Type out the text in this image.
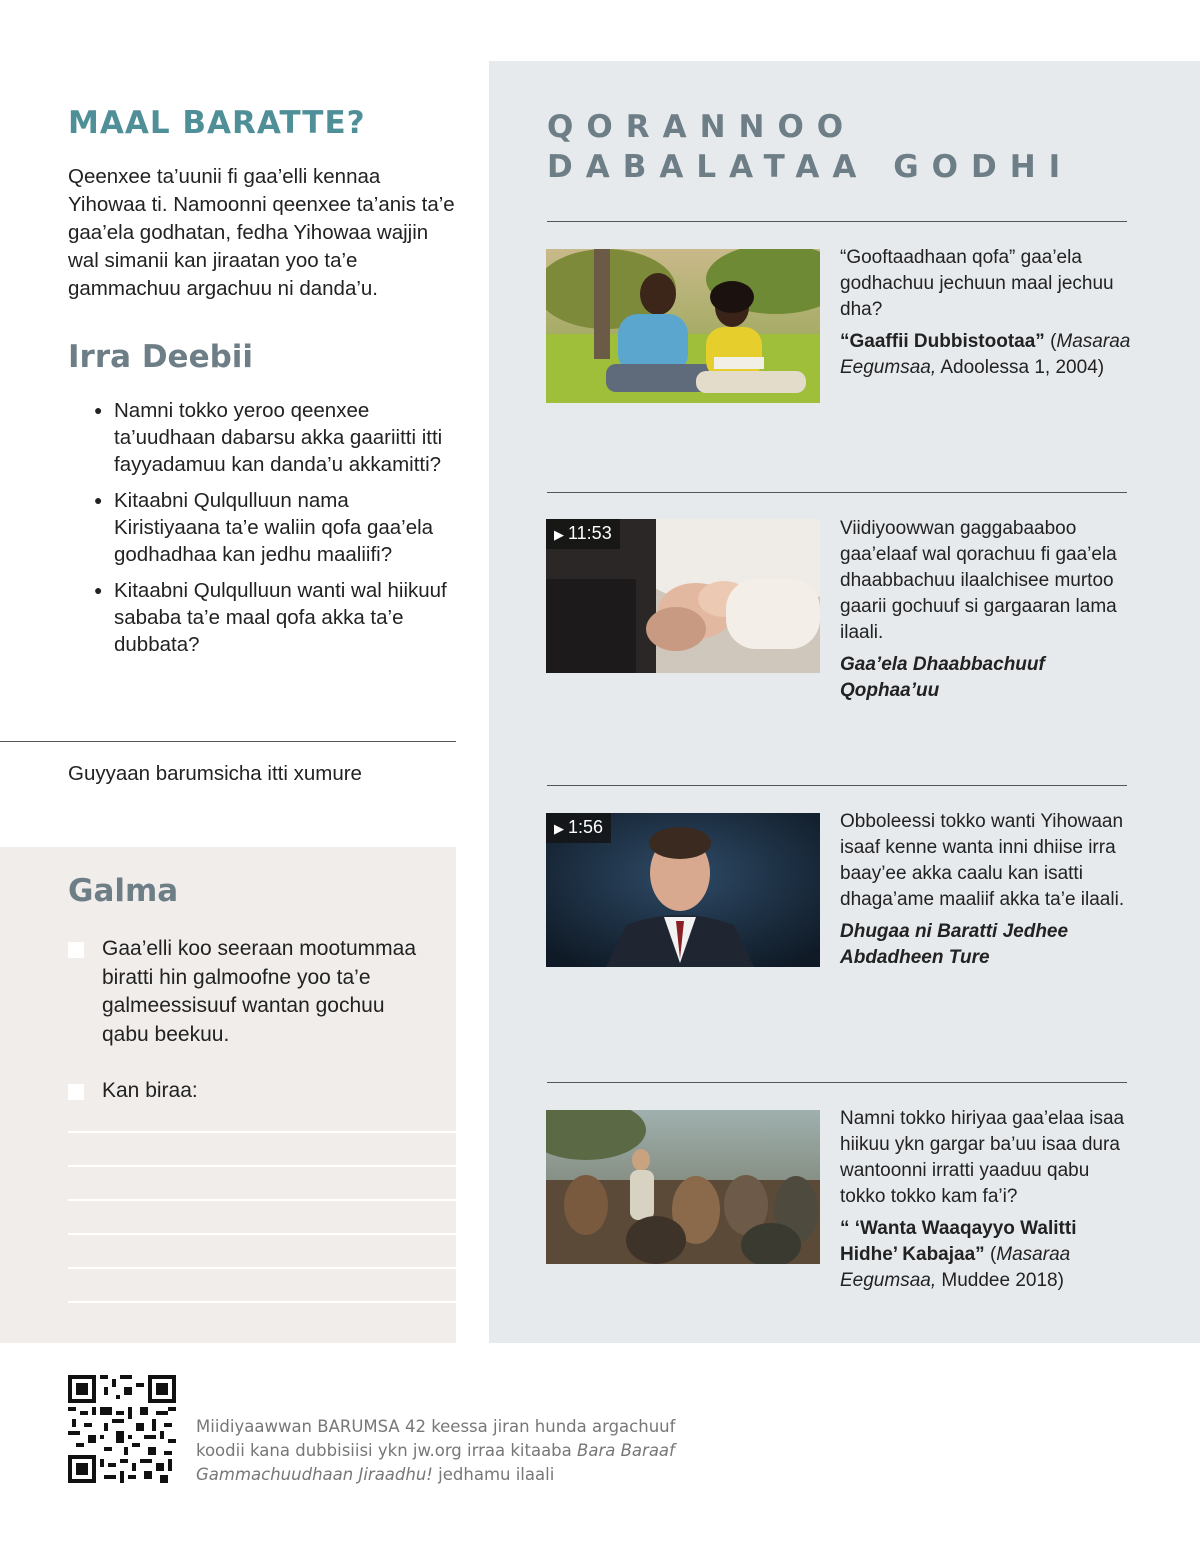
MAAL BARATTE?

Qeenxee ta’uunii fi gaa’elli kennaa Yihowaa ti. Namoonni qeenxee ta’anis ta’e gaa’ela godhatan, fedha Yihowaa wajjin wal simanii kan jiraatan yoo ta’e gammachuu argachuu ni danda’u.

Irra Deebii
● Namni tokko yeroo qeenxee ta’uudhaan dabarsu akka gaariitti itti fayyadamuu kan danda’u akkamitti?
● Kitaabni Qulqulluun nama Kiristiyaana ta’e waliin qofa gaa’ela godhadhaa kan jedhu maaliifi?
● Kitaabni Qulqulluun wanti wal hiikuuf sababa ta’e maal qofa akka ta’e dubbata?
Guyyaan barumsicha itti xumure
Galma
Gaa’elli koo seeraan mootummaa biratti hin galmoofne yoo ta’e galmeessisuuf wantan gochuu qabu beekuu.
Kan biraa:
QORANNOO
DABALATAA GODHI
“Gooftaadhaan qofa” gaa’ela godhachuu jechuun maal jechuu dha?
“Gaaffii Dubbistootaa” (Masaraa Eegumsaa, Adoolessa 1, 2004)
▶ 11:53	Viidiyoowwan gaggabaaboo gaa’elaaf wal qorachuu fi gaa’ela dhaabbachuu ilaalchisee murtoo gaarii gochuuf si gargaaran lama ilaali.
Gaa’ela Dhaabbachuuf Qophaa’uu
▶ 1:56	Obboleessi tokko wanti Yihowaan isaaf kenne wanta inni dhiise irra baay’ee akka caalu kan isatti dhaga’ame maaliif akka ta’e ilaali.
Dhugaa ni Baratti Jedhee Abdadheen Ture
Namni tokko hiriyaa gaa’elaa isaa hiikuu ykn gargar ba’uu isaa dura wantoonni irratti yaaduu qabu tokko tokko kam fa’i?
“ ‘Wanta Waaqayyo Walitti Hidhe’ Kabajaa” (Masaraa Eegumsaa, Muddee 2018)

Miidiyaawwan BARUMSA 42 keessa jiran hunda argachuuf koodii kana dubbisiisi ykn jw.org irraa kitaaba Bara Baraaf Gammachuudhaan Jiraadhu! jedhamu ilaali
